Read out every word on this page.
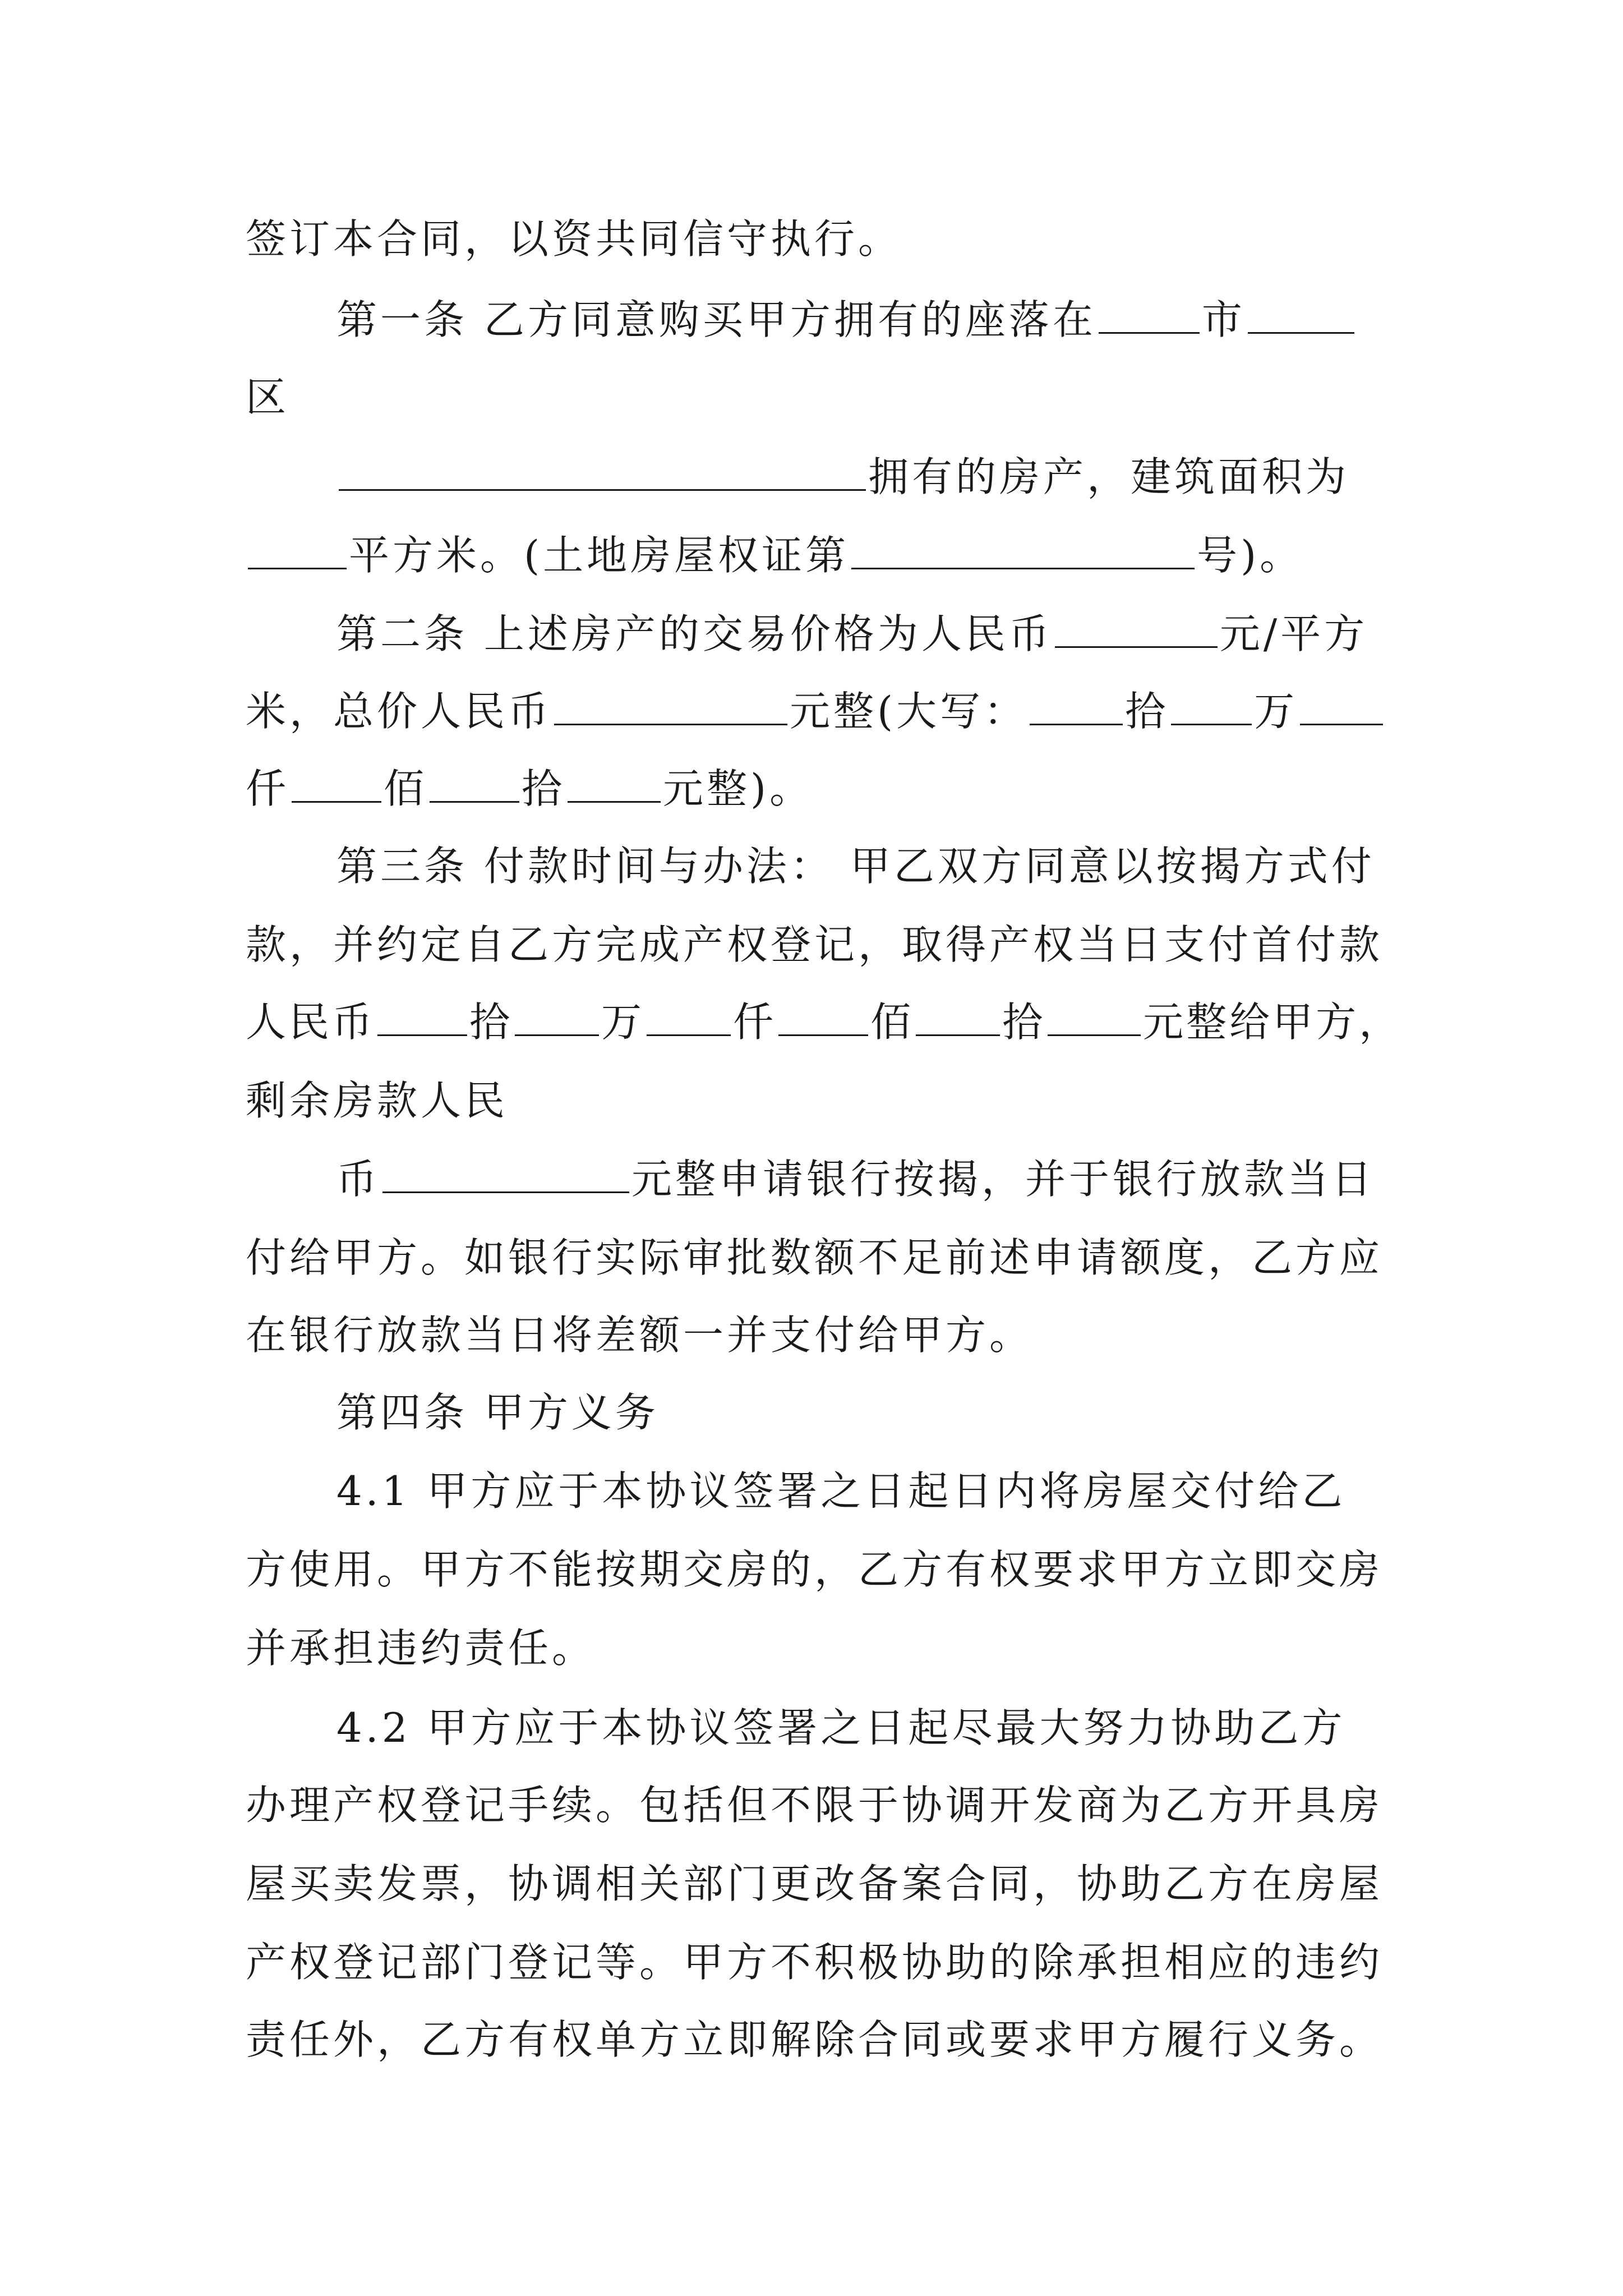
签订本合同，以资共同信守执行。
第一条 乙方同意购买甲方拥有的座落在	市
区
拥有的房产，建筑面积为
平方米。(土地房屋权证第	号)。
第二条 上述房产的交易价格为人民币	元/平方
米，总价人民币	元整(大写： 拾 万
仟 佰 拾 元整)。
第三条 付款时间与办法： 甲乙双方同意以按揭方式付
款，并约定自乙方完成产权登记，取得产权当日支付首付款
人民币 拾 万 仟 佰 拾 元整给甲方，
剩余房款人民
币	元整申请银行按揭，并于银行放款当日
付给甲方。如银行实际审批数额不足前述申请额度，乙方应
在银行放款当日将差额一并支付给甲方。
第四条 甲方义务
4.1 甲方应于本协议签署之日起日内将房屋交付给乙
方使用。甲方不能按期交房的，乙方有权要求甲方立即交房
并承担违约责任。
4.2 甲方应于本协议签署之日起尽最大努力协助乙方
办理产权登记手续。包括但不限于协调开发商为乙方开具房
屋买卖发票，协调相关部门更改备案合同，协助乙方在房屋
产权登记部门登记等。甲方不积极协助的除承担相应的违约
责任外，乙方有权单方立即解除合同或要求甲方履行义务。
